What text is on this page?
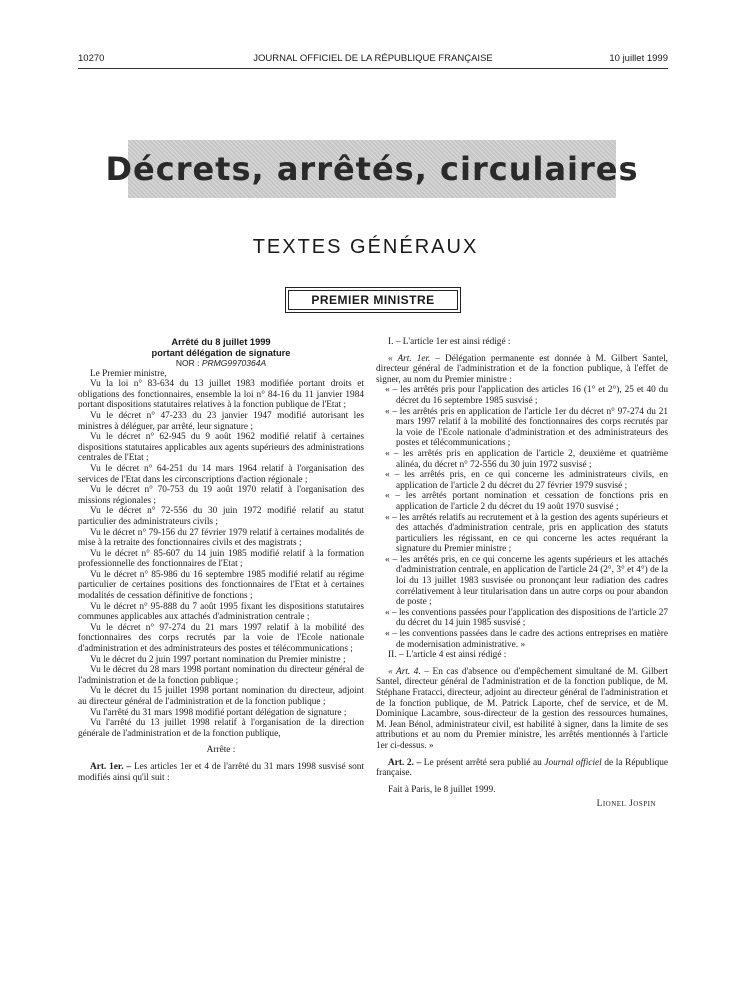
10270	JOURNAL OFFICIEL DE LA RÉPUBLIQUE FRANÇAISE	10 juillet 1999
Décrets, arrêtés, circulaires
TEXTES GÉNÉRAUX
PREMIER MINISTRE

Arrêté du 8 juillet 1999

portant délégation de signature

NOR : PRMG9970364A

Le Premier ministre,

Vu la loi n° 83-634 du 13 juillet 1983 modifiée portant droits et obligations des fonctionnaires, ensemble la loi n° 84-16 du 11 janvier 1984 portant dispositions statutaires relatives à la fonction publique de l'Etat ;

Vu le décret n° 47-233 du 23 janvier 1947 modifié autorisant les ministres à déléguer, par arrêté, leur signature ;

Vu le décret n° 62-945 du 9 août 1962 modifié relatif à certaines dispositions statutaires applicables aux agents supérieurs des administrations centrales de l'Etat ;

Vu le décret n° 64-251 du 14 mars 1964 relatif à l'organisation des services de l'Etat dans les circonscriptions d'action régionale ;

Vu le décret n° 70-753 du 19 août 1970 relatif à l'organisation des missions régionales ;

Vu le décret n° 72-556 du 30 juin 1972 modifié relatif au statut particulier des administrateurs civils ;

Vu le décret n° 79-156 du 27 février 1979 relatif à certaines modalités de mise à la retraite des fonctionnaires civils et des magistrats ;

Vu le décret n° 85-607 du 14 juin 1985 modifié relatif à la formation professionnelle des fonctionnaires de l'Etat ;

Vu le décret n° 85-986 du 16 septembre 1985 modifié relatif au régime particulier de certaines positions des fonctionnaires de l'Etat et à certaines modalités de cessation définitive de fonctions ;

Vu le décret n° 95-888 du 7 août 1995 fixant les dispositions statutaires communes applicables aux attachés d'administration centrale ;

Vu le décret n° 97-274 du 21 mars 1997 relatif à la mobilité des fonctionnaires des corps recrutés par la voie de l'Ecole nationale d'administration et des administrateurs des postes et télécommunications ;

Vu le décret du 2 juin 1997 portant nomination du Premier ministre ;

Vu le décret du 28 mars 1998 portant nomination du directeur général de l'administration et de la fonction publique ;

Vu le décret du 15 juillet 1998 portant nomination du directeur, adjoint au directeur général de l'administration et de la fonction publique ;

Vu l'arrêté du 31 mars 1998 modifié portant délégation de signature ;

Vu l'arrêté du 13 juillet 1998 relatif à l'organisation de la direction générale de l'administration et de la fonction publique,

Arrête :

Art. 1er. – Les articles 1er et 4 de l'arrêté du 31 mars 1998 susvisé sont modifiés ainsi qu'il suit :

I. – L'article 1er est ainsi rédigé :

« Art. 1er. – Délégation permanente est donnée à M. Gilbert Santel, directeur général de l'administration et de la fonction publique, à l'effet de signer, au nom du Premier ministre :

« – les arrêtés pris pour l'application des articles 16 (1° et 2°), 25 et 40 du décret du 16 septembre 1985 susvisé ;

« – les arrêtés pris en application de l'article 1er du décret n° 97-274 du 21 mars 1997 relatif à la mobilité des fonctionnaires des corps recrutés par la voie de l'Ecole nationale d'administration et des administrateurs des postes et télécommunications ;

« – les arrêtés pris en application de l'article 2, deuxième et quatrième alinéa, du décret n° 72-556 du 30 juin 1972 susvisé ;

« – les arrêtés pris, en ce qui concerne les administrateurs civils, en application de l'article 2 du décret du 27 février 1979 susvisé ;

« – les arrêtés portant nomination et cessation de fonctions pris en application de l'article 2 du décret du 19 août 1970 susvisé ;

« – les arrêtés relatifs au recrutement et à la gestion des agents supérieurs et des attachés d'administration centrale, pris en application des statuts particuliers les régissant, en ce qui concerne les actes requérant la signature du Premier ministre ;

« – les arrêtés pris, en ce qui concerne les agents supérieurs et les attachés d'administration centrale, en application de l'article 24 (2°, 3° et 4°) de la loi du 13 juillet 1983 susvisée ou prononçant leur radiation des cadres corrélativement à leur titularisation dans un autre corps ou pour abandon de poste ;

« – les conventions passées pour l'application des dispositions de l'article 27 du décret du 14 juin 1985 susvisé ;

« – les conventions passées dans le cadre des actions entreprises en matière de modernisation administrative. »

II. – L'article 4 est ainsi rédigé :

« Art. 4. – En cas d'absence ou d'empêchement simultané de M. Gilbert Santel, directeur général de l'administration et de la fonction publique, de M. Stéphane Fratacci, directeur, adjoint au directeur général de l'administration et de la fonction publique, de M. Patrick Laporte, chef de service, et de M. Dominique Lacambre, sous-directeur de la gestion des ressources humaines, M. Jean Bénol, administrateur civil, est habilité à signer, dans la limite de ses attributions et au nom du Premier ministre, les arrêtés mentionnés à l'article 1er ci-dessus. »

Art. 2. – Le présent arrêté sera publié au Journal officiel de la République française.

Fait à Paris, le 8 juillet 1999.

Lionel Jospin
